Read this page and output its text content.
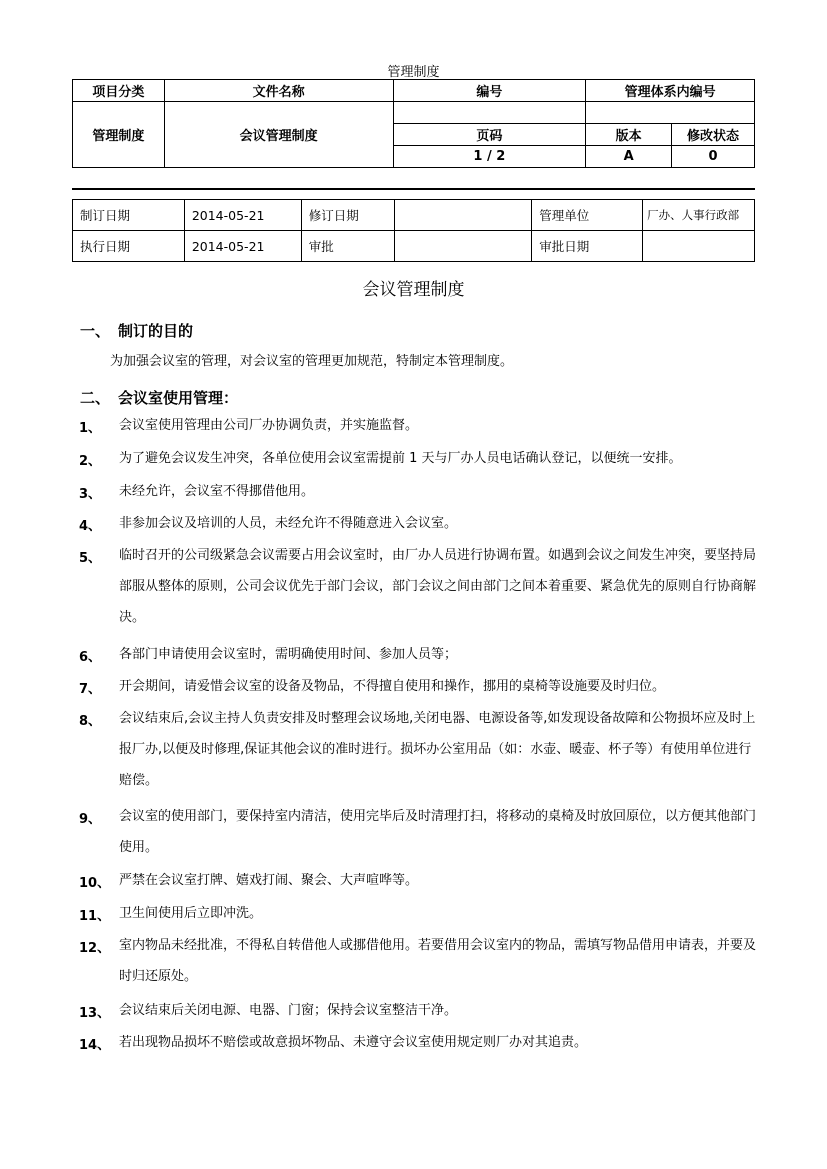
管理制度
项目分类	文件名称	编号	管理体系内编号	
管理制度	会议管理制度			
		页码	版本	修改状态
		1 / 2	A	0
制订日期	2014-05-21	修订日期		管理单位	厂办、人事行政部
执行日期	2014-05-21	审批		审批日期	
会议管理制度
一、 制订的目的
为加强会议室的管理，对会议室的管理更加规范，特制定本管理制度。
二、 会议室使用管理：
1、 会议室使用管理由公司厂办协调负责，并实施监督。
2、 为了避免会议发生冲突，各单位使用会议室需提前 1 天与厂办人员电话确认登记，以便统一安排。
3、 未经允许，会议室不得挪借他用。
4、 非参加会议及培训的人员，未经允许不得随意进入会议室。
5、 临时召开的公司级紧急会议需要占用会议室时，由厂办人员进行协调布置。如遇到会议之间发生冲突，要坚持局部服从整体的原则，公司会议优先于部门会议，部门会议之间由部门之间本着重要、紧急优先的原则自行协商解决。
6、 各部门申请使用会议室时，需明确使用时间、参加人员等；
7、 开会期间，请爱惜会议室的设备及物品，不得擅自使用和操作，挪用的桌椅等设施要及时归位。
8、 会议结束后,会议主持人负责安排及时整理会议场地,关闭电器、电源设备等,如发现设备故障和公物损坏应及时上报厂办,以便及时修理,保证其他会议的准时进行。损坏办公室用品（如：水壶、暖壶、杯子等）有使用单位进行赔偿。
9、 会议室的使用部门，要保持室内清洁，使用完毕后及时清理打扫，将移动的桌椅及时放回原位，以方便其他部门使用。
10、 严禁在会议室打牌、嬉戏打闹、聚会、大声喧哗等。
11、 卫生间使用后立即冲洗。
12、 室内物品未经批准，不得私自转借他人或挪借他用。若要借用会议室内的物品，需填写物品借用申请表，并要及时归还原处。
13、 会议结束后关闭电源、电器、门窗；保持会议室整洁干净。
14、 若出现物品损坏不赔偿或故意损坏物品、未遵守会议室使用规定则厂办对其追责。
